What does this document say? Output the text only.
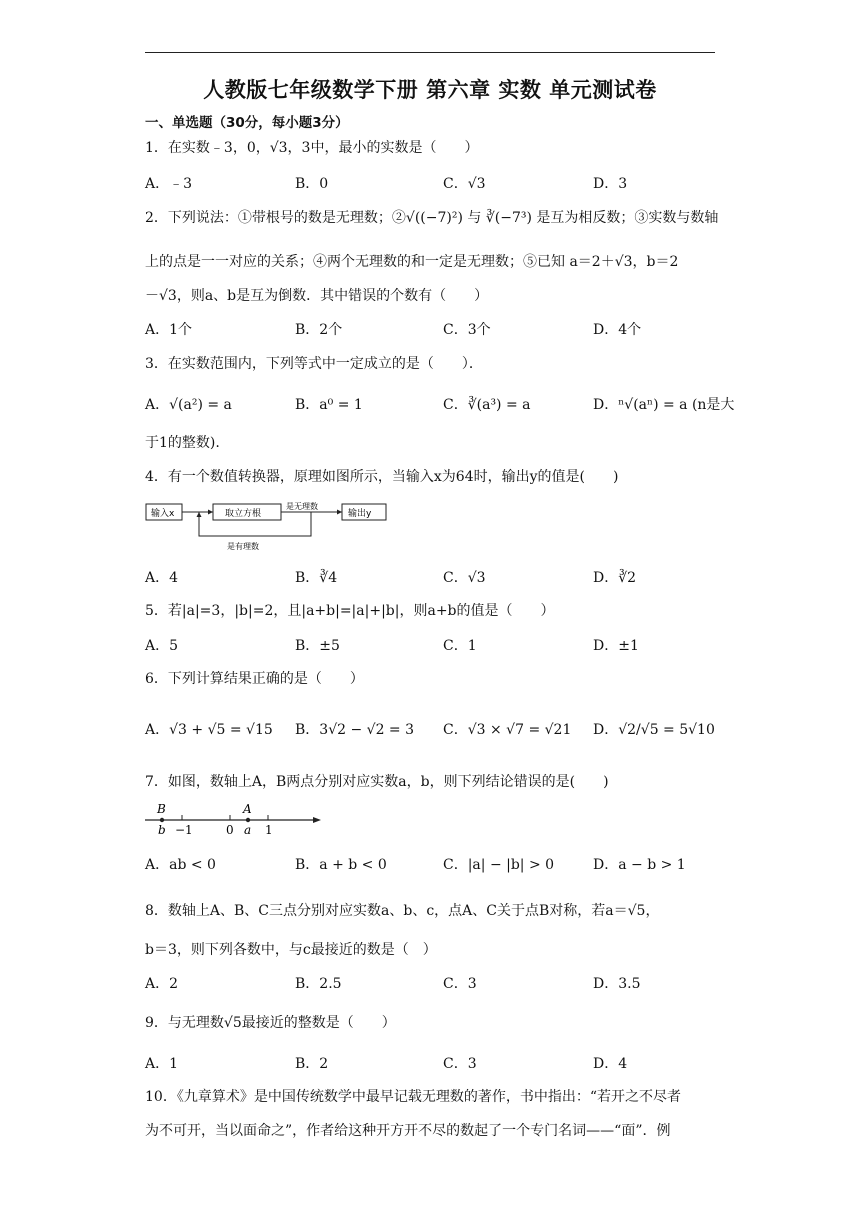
人教版七年级数学下册 第六章 实数 单元测试卷
一、单选题（30分，每小题3分）
1．在实数﹣3，0，√3，3中，最小的实数是（　　）
A．﹣3	B．0	C．√3	D．3
2．下列说法：①带根号的数是无理数；②√((−7)²) 与 ∛(−7³) 是互为相反数；③实数与数轴
上的点是一一对应的关系；④两个无理数的和一定是无理数；⑤已知 a＝2＋√3，b＝2
－√3，则a、b是互为倒数．其中错误的个数有（　　）
A．1个	B．2个	C．3个	D．4个
3．在实数范围内，下列等式中一定成立的是（　　）．
A．√(a²) = a	B．a⁰ = 1	C．∛(a³) = a	D．ⁿ√(aⁿ) = a (n是大
于1的整数).
4．有一个数值转换器，原理如图所示，当输入x为64时，输出y的值是(　　)
输入x	取立方根
是无理数
输出y
是有理数
A．4	B．∛4	C．√3	D．∛2
5．若|a|=3，|b|=2，且|a+b|=|a|+|b|，则a+b的值是（　　）
A．5	B．±5	C．1	D．±1
6．下列计算结果正确的是（　　）
A．√3 + √5 = √15 B．3√2 − √2 = 3 C．√3 × √7 = √21 D．√2/√5 = 5√10
7．如图，数轴上A，B两点分别对应实数a，b，则下列结论错误的是(　　)
B
b −1	0
A
a 1
A．ab < 0	B．a + b < 0	C．|a| − |b| > 0	D．a − b > 1
8．数轴上A、B、C三点分别对应实数a、b、c，点A、C关于点B对称，若a＝√5，
b＝3，则下列各数中，与c最接近的数是（　）
A．2	B．2.5	C．3	D．3.5
9．与无理数√5最接近的整数是（　　）
A．1	B．2	C．3	D．4
10．《九章算术》是中国传统数学中最早记载无理数的著作，书中指出：“若开之不尽者
为不可开，当以面命之”，作者给这种开方开不尽的数起了一个专门名词——“面”．例
